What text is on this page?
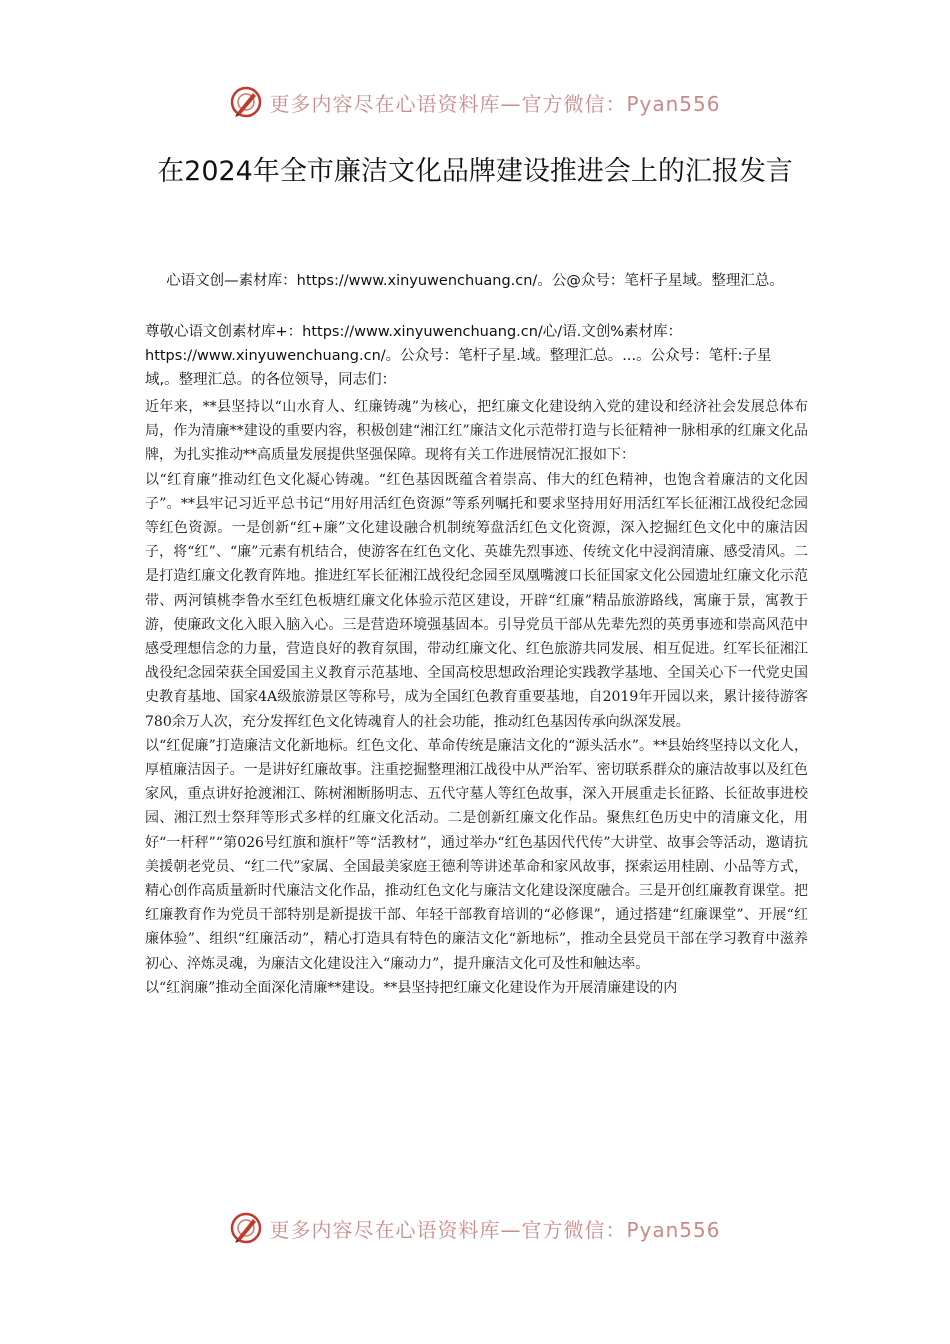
更多内容尽在心语资料库—官方微信：Pyan556
在2024年全市廉洁文化品牌建设推进会上的汇报发言

心语文创—素材库：https://www.xinyuwenchuang.cn/。公@众号：笔杆子星域。整理汇总。

尊敬心语文创素材库+：https://www.xinyuwenchuang.cn/心/语.文创%素材库：https://www.xinyuwenchuang.cn/。公众号：笔杆子星.域。整理汇总。...。公众号：笔杆:子星域,。整理汇总。的各位领导，同志们：

近年来，**县坚持以“山水育人、红廉铸魂”为核心，把红廉文化建设纳入党的建设和经济社会发展总体布局，作为清廉**建设的重要内容，积极创建“湘江红”廉洁文化示范带打造与长征精神一脉相承的红廉文化品牌，为扎实推动**高质量发展提供坚强保障。现将有关工作进展情况汇报如下：

以“红育廉”推动红色文化凝心铸魂。“红色基因既蕴含着崇高、伟大的红色精神，也饱含着廉洁的文化因子”。**县牢记习近平总书记“用好用活红色资源”等系列嘱托和要求坚持用好用活红军长征湘江战役纪念园等红色资源。一是创新“红+廉”文化建设融合机制统筹盘活红色文化资源，深入挖掘红色文化中的廉洁因子，将“红”、“廉”元素有机结合，使游客在红色文化、英雄先烈事迹、传统文化中浸润清廉、感受清风。二是打造红廉文化教育阵地。推进红军长征湘江战役纪念园至凤凰嘴渡口长征国家文化公园遗址红廉文化示范带、两河镇桃李鲁水至红色板塘红廉文化体验示范区建设，开辟“红廉”精品旅游路线，寓廉于景，寓教于游，使廉政文化入眼入脑入心。三是营造环境强基固本。引导党员干部从先辈先烈的英勇事迹和崇高风范中感受理想信念的力量，营造良好的教育氛围，带动红廉文化、红色旅游共同发展、相互促进。红军长征湘江战役纪念园荣获全国爱国主义教育示范基地、全国高校思想政治理论实践教学基地、全国关心下一代党史国史教育基地、国家4A级旅游景区等称号，成为全国红色教育重要基地，自2019年开园以来，累计接待游客780余万人次，充分发挥红色文化铸魂育人的社会功能，推动红色基因传承向纵深发展。

以“红促廉”打造廉洁文化新地标。红色文化、革命传统是廉洁文化的“源头活水”。**县始终坚持以文化人，厚植廉洁因子。一是讲好红廉故事。注重挖掘整理湘江战役中从严治军、密切联系群众的廉洁故事以及红色家风，重点讲好抢渡湘江、陈树湘断肠明志、五代守墓人等红色故事，深入开展重走长征路、长征故事进校园、湘江烈士祭拜等形式多样的红廉文化活动。二是创新红廉文化作品。聚焦红色历史中的清廉文化，用好“一杆秤”“第026号红旗和旗杆”等“活教材”，通过举办“红色基因代代传”大讲堂、故事会等活动，邀请抗美援朝老党员、“红二代”家属、全国最美家庭王德利等讲述革命和家风故事，探索运用桂剧、小品等方式，精心创作高质量新时代廉洁文化作品，推动红色文化与廉洁文化建设深度融合。三是开创红廉教育课堂。把红廉教育作为党员干部特别是新提拔干部、年轻干部教育培训的“必修课”，通过搭建“红廉课堂”、开展“红廉体验”、组织“红廉活动”，精心打造具有特色的廉洁文化“新地标”，推动全县党员干部在学习教育中滋养初心、淬炼灵魂，为廉洁文化建设注入“廉动力”，提升廉洁文化可及性和触达率。

以“红润廉”推动全面深化清廉**建设。**县坚持把红廉文化建设作为开展清廉建设的内

更多内容尽在心语资料库—官方微信：Pyan556
